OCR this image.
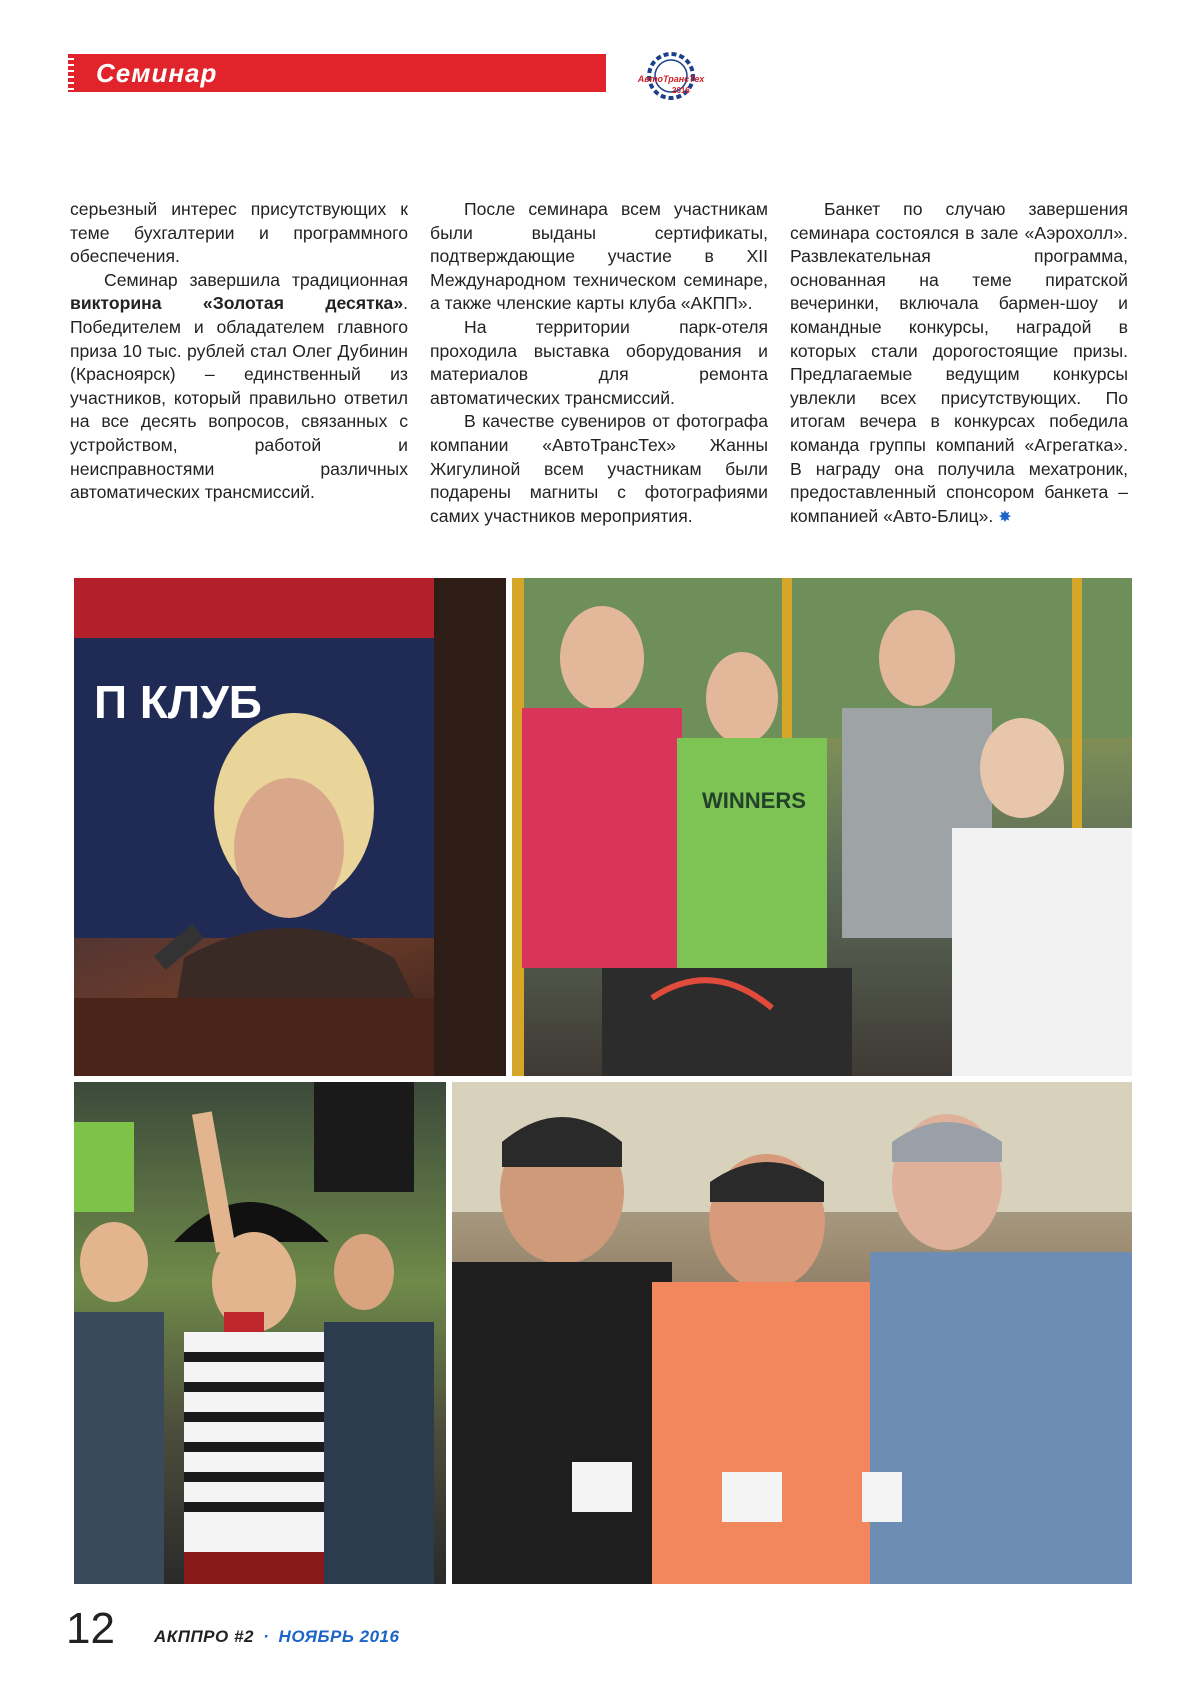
Семинар	АвтоТрансТех
2016

серьезный интерес присутствующих к теме бухгалтерии и программного обеспечения.

Семинар завершила традиционная викторина «Золотая десятка». Победителем и обладателем главного приза 10 тыс. рублей стал Олег Дубинин (Красноярск) – единственный из участников, который правильно ответил на все десять вопросов, связанных с устройством, работой и неисправностями различных автоматических трансмиссий.

После семинара всем участникам были выданы сертификаты, подтверждающие участие в XII Международном техническом семинаре, а также членские карты клуба «АКПП».

На территории парк-отеля проходила выставка оборудования и материалов для ремонта автоматических трансмиссий.

В качестве сувениров от фотографа компании «АвтоТрансТех» Жанны Жигулиной всем участникам были подарены магниты с фотографиями самих участников мероприятия.

Банкет по случаю завершения семинара состоялся в зале «Аэрохолл». Развлекательная программа, основанная на теме пиратской вечеринки, включала бармен-шоу и командные конкурсы, наградой в которых стали дорогостоящие призы. Предлагаемые ведущим конкурсы увлекли всех присутствующих. По итогам вечера в конкурсах победила команда группы компаний «Агрегатка». В награду она получила мехатроник, предоставленный спонсором банкета – компанией «Авто-Блиц». ✸

П КЛУБ
WINNERS
12 АКППРО #2 · НОЯБРЬ 2016
